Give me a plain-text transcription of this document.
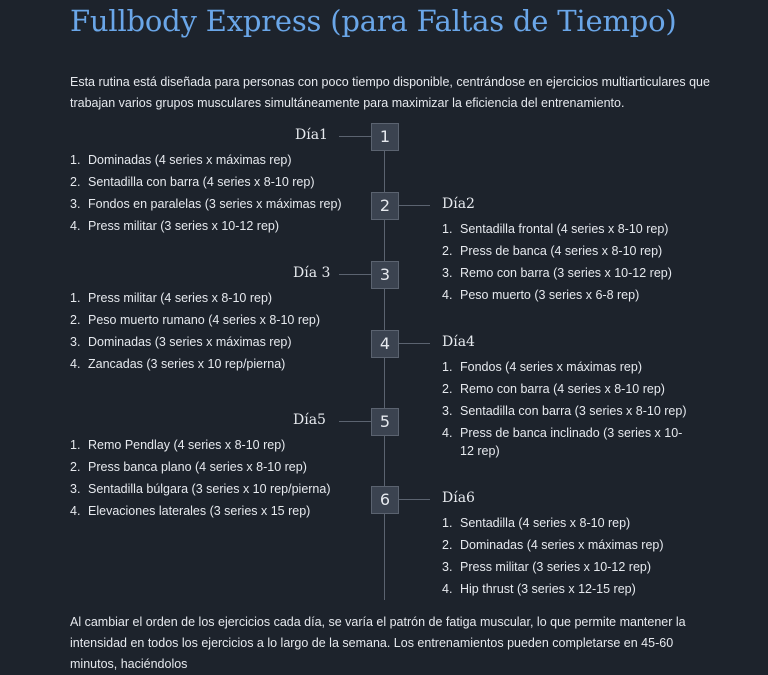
Fullbody Express (para Faltas de Tiempo)

Esta rutina está diseñada para personas con poco tiempo disponible, centrándose en ejercicios multiarticulares que trabajan varios grupos musculares simultáneamente para maximizar la eficiencia del entrenamiento.

Día1	1
1. Dominadas (4 series x máximas rep)
2. Sentadilla con barra (4 series x 8-10 rep)
3. Fondos en paralelas (3 series x máximas rep)
4. Press militar (3 series x 10-12 rep)
2	Día2
1. Sentadilla frontal (4 series x 8-10 rep)
2. Press de banca (4 series x 8-10 rep)
3. Remo con barra (3 series x 10-12 rep)
4. Peso muerto (3 series x 6-8 rep)
Día 3	3
1. Press militar (4 series x 8-10 rep)
2. Peso muerto rumano (4 series x 8-10 rep)
3. Dominadas (3 series x máximas rep)
4. Zancadas (3 series x 10 rep/pierna)
4	Día4
1. Fondos (4 series x máximas rep)
2. Remo con barra (4 series x 8-10 rep)
3. Sentadilla con barra (3 series x 8-10 rep)
4. Press de banca inclinado (3 series x 10-12 rep)
Día5	5
1. Remo Pendlay (4 series x 8-10 rep)
2. Press banca plano (4 series x 8-10 rep)
3. Sentadilla búlgara (3 series x 10 rep/pierna)
4. Elevaciones laterales (3 series x 15 rep)
6	Día6
1. Sentadilla (4 series x 8-10 rep)
2. Dominadas (4 series x máximas rep)
3. Press militar (3 series x 10-12 rep)
4. Hip thrust (3 series x 12-15 rep)

Al cambiar el orden de los ejercicios cada día, se varía el patrón de fatiga muscular, lo que permite mantener la intensidad en todos los ejercicios a lo largo de la semana. Los entrenamientos pueden completarse en 45-60 minutos, haciéndolos
